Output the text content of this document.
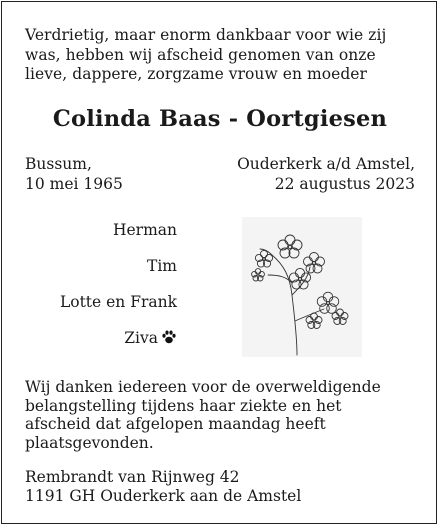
Verdrietig, maar enorm dankbaar voor wie zij
was, hebben wij afscheid genomen van onze
lieve, dappere, zorgzame vrouw en moeder
Colinda Baas - Oortgiesen
Bussum,
10 mei 1965
Ouderkerk a/d Amstel,
22 augustus 2023
Herman
Tim
Lotte en Frank
Ziva
Wij danken iedereen voor de overweldigende
belangstelling tijdens haar ziekte en het
afscheid dat afgelopen maandag heeft
plaatsgevonden.
Rembrandt van Rijnweg 42
1191 GH Ouderkerk aan de Amstel
